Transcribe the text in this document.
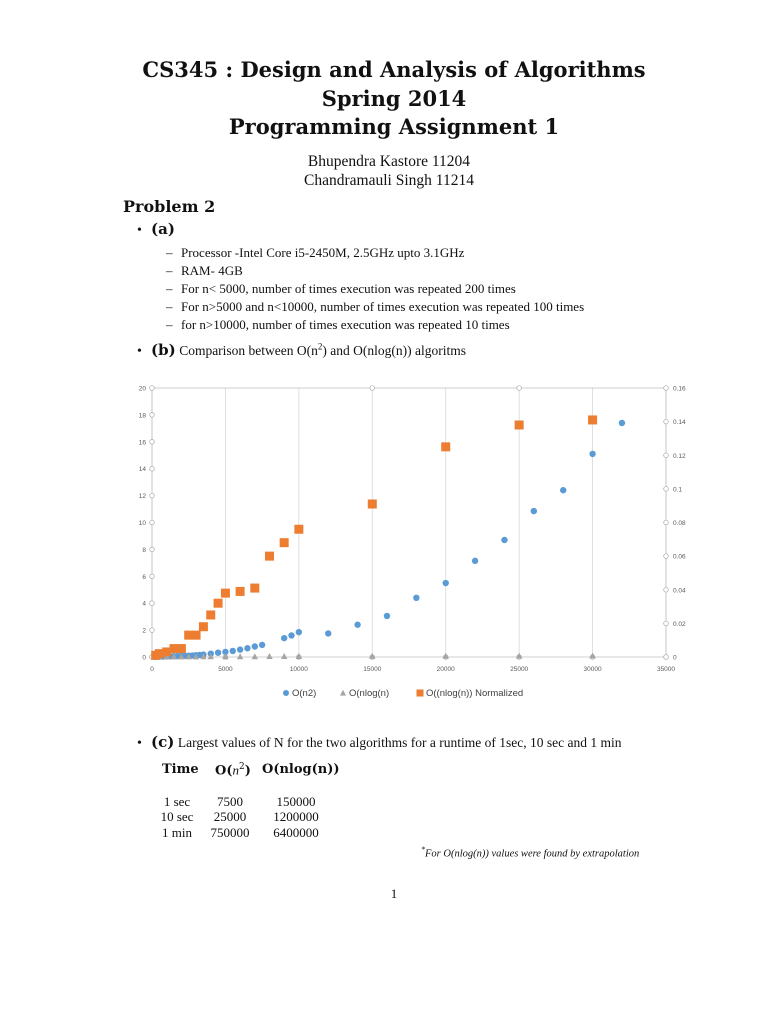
CS345 : Design and Analysis of Algorithms
Spring 2014
Programming Assignment 1
Bhupendra Kastore 11204
Chandramauli Singh 11214
Problem 2
• (a)
– Processor -Intel Core i5-2450M, 2.5GHz upto 3.1GHz
– RAM- 4GB
– For n< 5000, number of times execution was repeated 200 times
– For n>5000 and n<10000, number of times execution was repeated 100 times
– for n>10000, number of times execution was repeated 10 times
• (b) Comparison between $O(n^2)$ and O(nlog(n)) algoritms
0	5000	10000	15000	20000	25000	30000	35000
0
2
4
6
8
10
12
14
16
18
20
0
0.02
0.04
0.06
0.08
0.1
0.12
0.14
0.16
O(n2)	O(nlog(n)	O((nlog(n)) Normalized
• (c) Largest values of N for the two algorithms for a runtime of 1sec, 10 sec and 1 min
Time $O(n^2)$ O(nlog(n))
1 sec	7500	150000
10 sec	25000	1200000
1 min	750000	6400000
*For O(nlog(n)) values were found by extrapolation
1
